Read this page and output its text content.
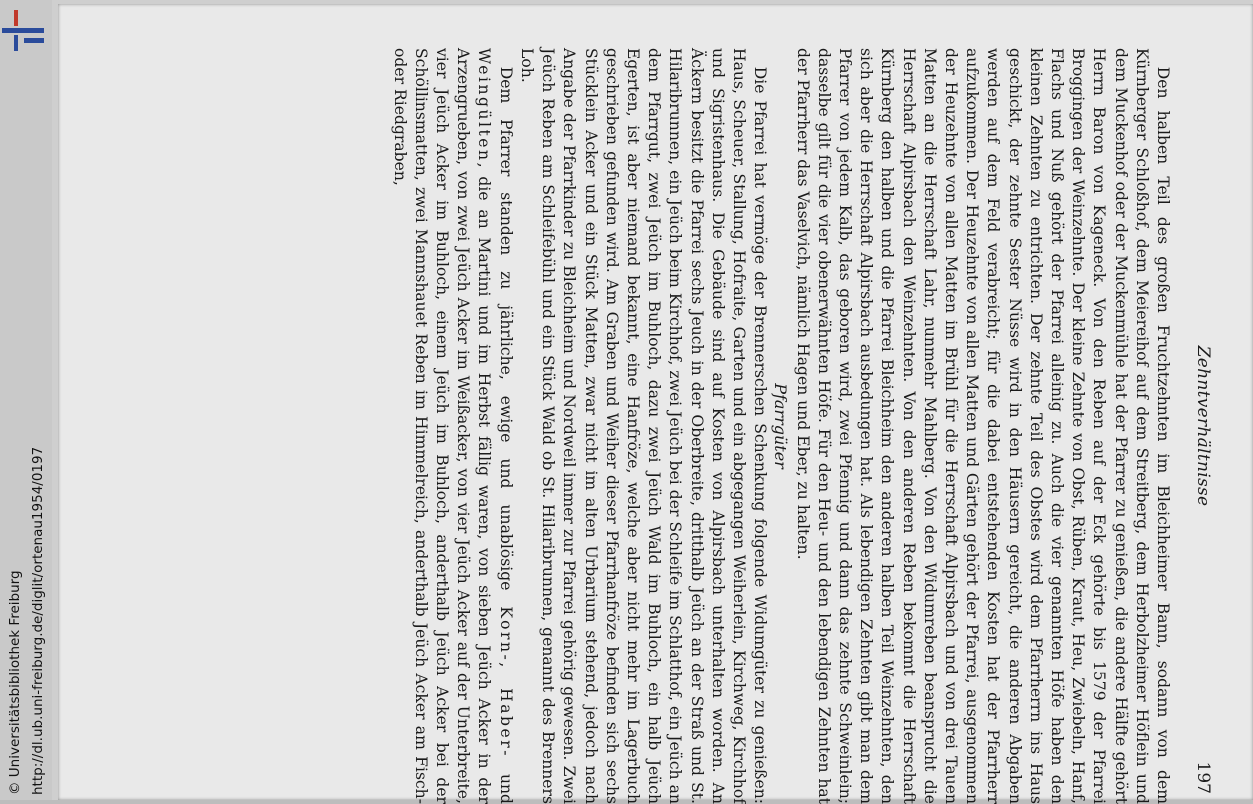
http://dl.ub.uni-freiburg.de/diglit/ortenau1954/0197
© Universitätsbibliothek Freiburg
Zehntverhältnisse
197

Den halben Teil des großen Fruchtzehnten im Bleichheimer Bann, sodann von dem Kürnberger Schloßhof, dem Meiereihof auf dem Streitberg, dem Herbolzheimer Höflein und dem Muckenhof oder der Muckenmühle hat der Pfarrer zu genießen, die andere Hälfte gehört Herrn Baron von Kageneck. Von den Reben auf der Eck gehörte bis 1579 der Pfarrei Broggingen der Weinzehnte. Der kleine Zehnte von Obst, Rüben, Kraut, Heu, Zwiebeln, Hanf, Flachs und Nuß gehört der Pfarrei alleinig zu. Auch die vier genannten Höfe haben den kleinen Zehnten zu entrichten. Der zehnte Teil des Obstes wird dem Pfarrherrn ins Haus geschickt, der zehnte Sester Nüsse wird in den Häusern gereicht, die anderen Abgaben werden auf dem Feld verabreicht; für die dabei entstehenden Kosten hat der Pfarrherr aufzukommen. Der Heuzehnte von allen Matten und Gärten gehört der Pfarrei, ausgenommen der Heuzehnte von allen Matten im Brühl für die Herrschaft Alpirsbach und von drei Tauen Matten an die Herrschaft Lahr, nunmehr Mahlberg. Von den Widumreben beansprucht die Herrschaft Alpirsbach den Weinzehnten. Von den anderen Reben bekommt die Herrschaft Kürnberg den halben und die Pfarrei Bleichheim den anderen halben Teil Weinzehnten, den sich aber die Herrschaft Alpirsbach ausbedungen hat. Als lebendigen Zehnten gibt man dem Pfarrer von jedem Kalb, das geboren wird, zwei Pfennig und dann das zehnte Schweinlein; dasselbe gilt für die vier obenerwähnten Höfe. Für den Heu- und den lebendigen Zehnten hat der Pfarrherr das Vaselvich, nämlich Hagen und Eber, zu halten.

Pfarrgüter

Die Pfarrei hat vermöge der Brennerschen Schenkung folgende Widumgüter zu genießen: Haus, Scheuer, Stallung, Hofraite, Garten und ein abgegangen Weiherlein, Kirchweg, Kirchhof und Sigristenhaus. Die Gebäude sind auf Kosten von Alpirsbach unterhalten worden. An Äckern besitzt die Pfarrei sechs Jeuch in der Oberbreite, dritthalb Jeüch an der Straß und St. Hilaribrunnen, ein Jeüch beim Kirchhof, zwei Jeüch bei der Schleife im Schlatthof, ein Jeüch an dem Pfarrgut, zwei Jeüch im Buhloch, dazu zwei Jeüch Wald im Buhloch, ein halb Jeüch Egerten, ist aber niemand bekannt, eine Hanfröze, welche aber nicht mehr im Lagerbuch geschrieben gefunden wird. Am Graben und Weiher dieser Pfarrhanfröze befinden sich sechs Stücklein Acker und ein Stück Matten, zwar nicht im alten Urbarium stehend, jedoch nach Angabe der Pfarrkinder zu Bleichheim und Nordweil immer zur Pfarrei gehörig gewesen. Zwei Jeüch Reben am Schleifebühl und ein Stück Wald ob St. Hilaribrunnen, genannt des Brenners Loh.

Dem Pfarrer standen zu jährliche, ewige und unablösige Korn-, Haber- und Weingülten, die an Martini und im Herbst fällig waren, von sieben Jeüch Acker in der Arzengrueben, von zwei Jeüch Acker im Weißacker, von vier Jeüch Acker auf der Unterbreite, vier Jeüch Acker im Buhloch, einem Jeüch im Buhloch, anderthalb Jeüch Acker bei der Schöllinsmatten, zwei Mannshauet Reben im Himmelreich, anderthalb Jeüch Acker am Fisch- oder Riedgraben,
